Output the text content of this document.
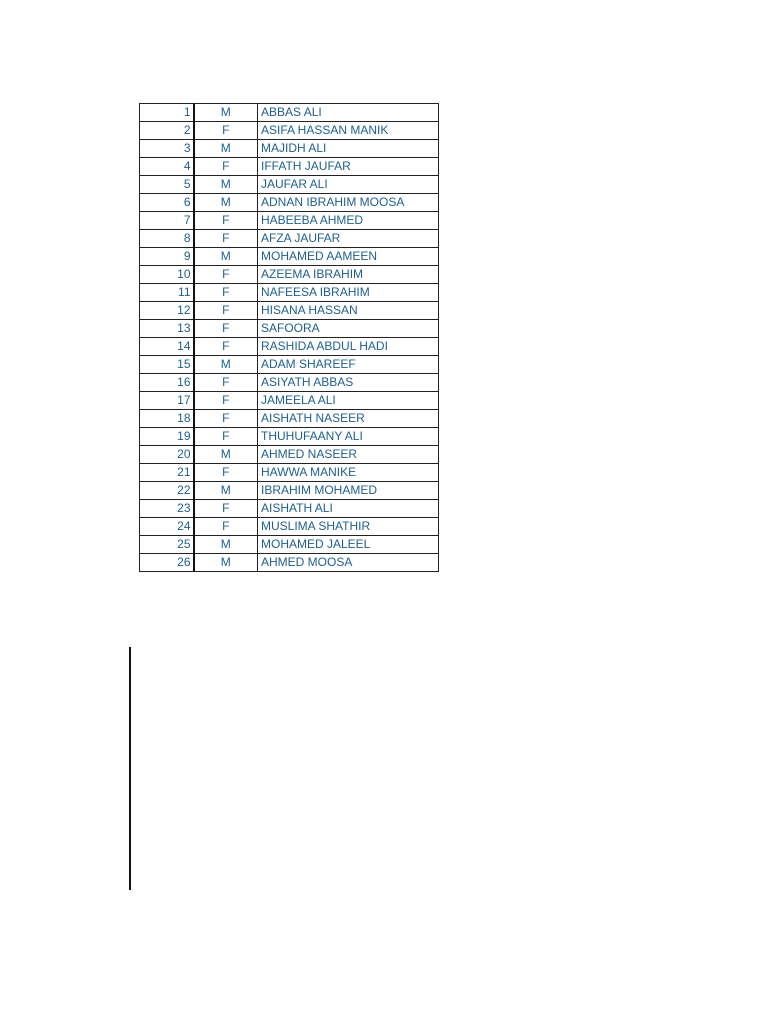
1	M	ABBAS ALI
2	F	ASIFA HASSAN MANIK
3	M	MAJIDH ALI
4	F	IFFATH JAUFAR
5	M	JAUFAR ALI
6	M	ADNAN IBRAHIM MOOSA
7	F	HABEEBA AHMED
8	F	AFZA JAUFAR
9	M	MOHAMED AAMEEN
10	F	AZEEMA IBRAHIM
11	F	NAFEESA IBRAHIM
12	F	HISANA HASSAN
13	F	SAFOORA
14	F	RASHIDA ABDUL HADI
15	M	ADAM SHAREEF
16	F	ASIYATH ABBAS
17	F	JAMEELA ALI
18	F	AISHATH NASEER
19	F	THUHUFAANY ALI
20	M	AHMED NASEER
21	F	HAWWA MANIKE
22	M	IBRAHIM MOHAMED
23	F	AISHATH ALI
24	F	MUSLIMA SHATHIR
25	M	MOHAMED JALEEL
26	M	AHMED MOOSA
